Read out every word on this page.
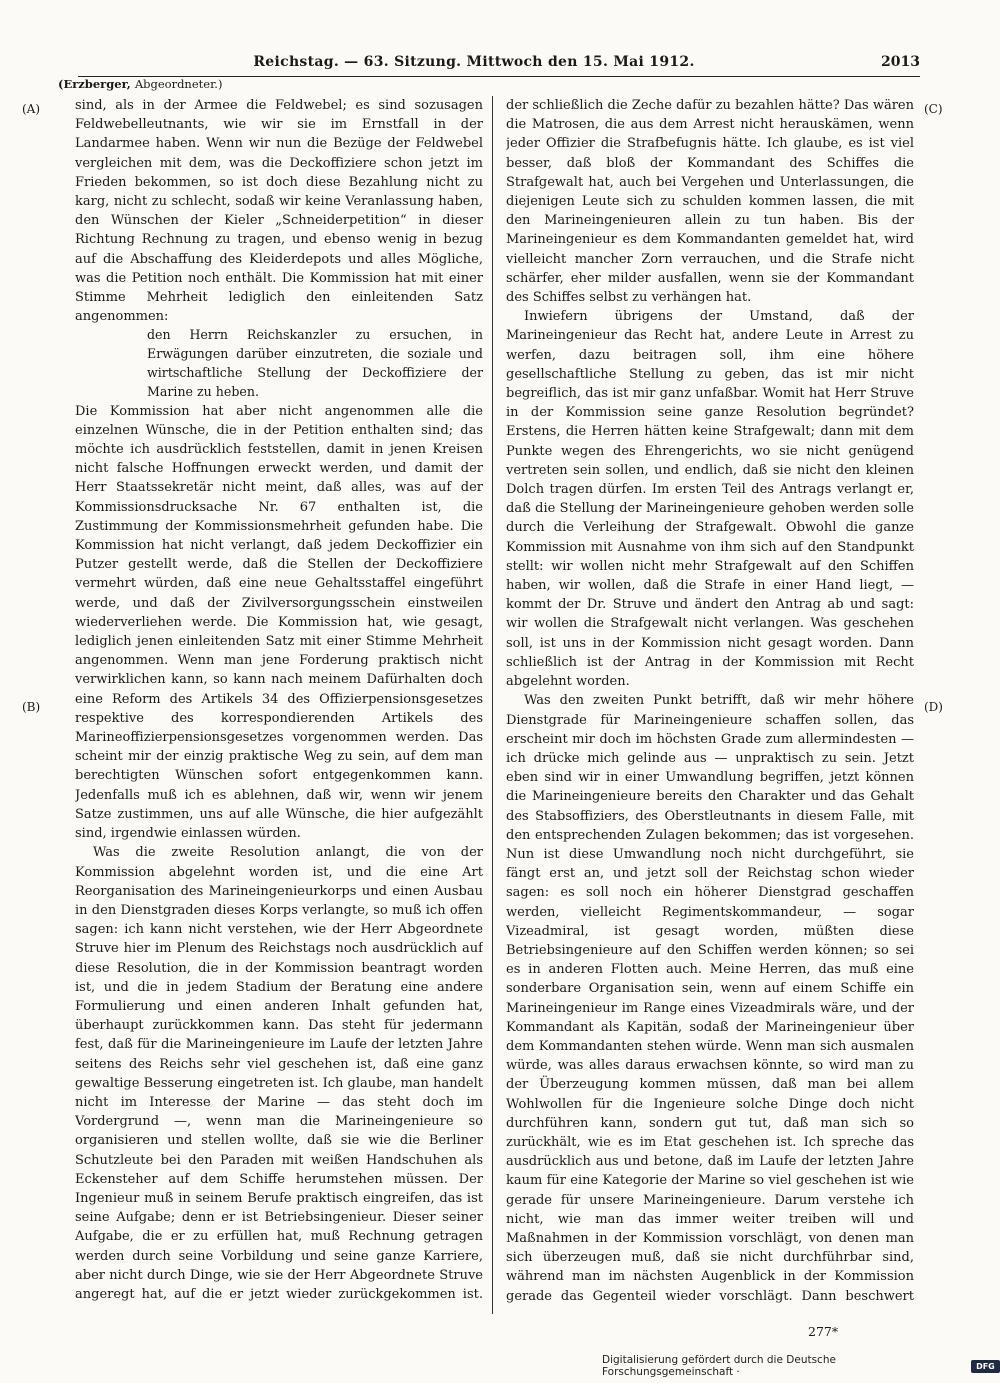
Reichstag. — 63. Sitzung. Mittwoch den 15. Mai 1912.	2013
(Erzberger, Abgeordneter.)
(A)
(B)
(C)
(D)

sind, als in der Armee die Feldwebel; es sind sozusagen Feldwebelleutnants, wie wir sie im Ernstfall in der Landarmee haben. Wenn wir nun die Bezüge der Feldwebel vergleichen mit dem, was die Deckoffiziere schon jetzt im Frieden bekommen, so ist doch diese Bezahlung nicht zu karg, nicht zu schlecht, sodaß wir keine Veranlassung haben, den Wünschen der Kieler „Schneiderpetition“ in dieser Richtung Rechnung zu tragen, und ebenso wenig in bezug auf die Abschaffung des Kleiderdepots und alles Mögliche, was die Petition noch enthält. Die Kommission hat mit einer Stimme Mehrheit lediglich den einleitenden Satz angenommen:

den Herrn Reichskanzler zu ersuchen, in Erwägungen darüber einzutreten, die soziale und wirtschaftliche Stellung der Deckoffiziere der Marine zu heben.

Die Kommission hat aber nicht angenommen alle die einzelnen Wünsche, die in der Petition enthalten sind; das möchte ich ausdrücklich feststellen, damit in jenen Kreisen nicht falsche Hoffnungen erweckt werden, und damit der Herr Staatssekretär nicht meint, daß alles, was auf der Kommissionsdrucksache Nr. 67 enthalten ist, die Zustimmung der Kommissionsmehrheit gefunden habe. Die Kommission hat nicht verlangt, daß jedem Deckoffizier ein Putzer gestellt werde, daß die Stellen der Deckoffiziere vermehrt würden, daß eine neue Gehaltsstaffel eingeführt werde, und daß der Zivilversorgungsschein einstweilen wiederverliehen werde. Die Kommission hat, wie gesagt, lediglich jenen einleitenden Satz mit einer Stimme Mehrheit angenommen. Wenn man jene Forderung praktisch nicht verwirklichen kann, so kann nach meinem Dafürhalten doch eine Reform des Artikels 34 des Offizierpensionsgesetzes respektive des korrespondierenden Artikels des Marineoffizierpensionsgesetzes vorgenommen werden. Das scheint mir der einzig praktische Weg zu sein, auf dem man berechtigten Wünschen sofort entgegenkommen kann. Jedenfalls muß ich es ablehnen, daß wir, wenn wir jenem Satze zustimmen, uns auf alle Wünsche, die hier aufgezählt sind, irgendwie einlassen würden.

Was die zweite Resolution anlangt, die von der Kommission abgelehnt worden ist, und die eine Art Reorganisation des Marineingenieurkorps und einen Ausbau in den Dienstgraden dieses Korps verlangte, so muß ich offen sagen: ich kann nicht verstehen, wie der Herr Abgeordnete Struve hier im Plenum des Reichstags noch ausdrücklich auf diese Resolution, die in der Kommission beantragt worden ist, und die in jedem Stadium der Beratung eine andere Formulierung und einen anderen Inhalt gefunden hat, überhaupt zurückkommen kann. Das steht für jedermann fest, daß für die Marineingenieure im Laufe der letzten Jahre seitens des Reichs sehr viel geschehen ist, daß eine ganz gewaltige Besserung eingetreten ist. Ich glaube, man handelt nicht im Interesse der Marine — das steht doch im Vordergrund —, wenn man die Marineingenieure so organisieren und stellen wollte, daß sie wie die Berliner Schutzleute bei den Paraden mit weißen Handschuhen als Eckensteher auf dem Schiffe herumstehen müssen. Der Ingenieur muß in seinem Berufe praktisch eingreifen, das ist seine Aufgabe; denn er ist Betriebsingenieur. Dieser seiner Aufgabe, die er zu erfüllen hat, muß Rechnung getragen werden durch seine Vorbildung und seine ganze Karriere, aber nicht durch Dinge, wie sie der Herr Abgeordnete Struve angeregt hat, auf die er jetzt wieder zurückgekommen ist.

der schließlich die Zeche dafür zu bezahlen hätte? Das wären die Matrosen, die aus dem Arrest nicht herauskämen, wenn jeder Offizier die Strafbefugnis hätte. Ich glaube, es ist viel besser, daß bloß der Kommandant des Schiffes die Strafgewalt hat, auch bei Vergehen und Unterlassungen, die diejenigen Leute sich zu schulden kommen lassen, die mit den Marineingenieuren allein zu tun haben. Bis der Marineingenieur es dem Kommandanten gemeldet hat, wird vielleicht mancher Zorn verrauchen, und die Strafe nicht schärfer, eher milder ausfallen, wenn sie der Kommandant des Schiffes selbst zu verhängen hat.

Inwiefern übrigens der Umstand, daß der Marineingenieur das Recht hat, andere Leute in Arrest zu werfen, dazu beitragen soll, ihm eine höhere gesellschaftliche Stellung zu geben, das ist mir nicht begreiflich, das ist mir ganz unfaßbar. Womit hat Herr Struve in der Kommission seine ganze Resolution begründet? Erstens, die Herren hätten keine Strafgewalt; dann mit dem Punkte wegen des Ehrengerichts, wo sie nicht genügend vertreten sein sollen, und endlich, daß sie nicht den kleinen Dolch tragen dürfen. Im ersten Teil des Antrags verlangt er, daß die Stellung der Marineingenieure gehoben werden solle durch die Verleihung der Strafgewalt. Obwohl die ganze Kommission mit Ausnahme von ihm sich auf den Standpunkt stellt: wir wollen nicht mehr Strafgewalt auf den Schiffen haben, wir wollen, daß die Strafe in einer Hand liegt, — kommt der Dr. Struve und ändert den Antrag ab und sagt: wir wollen die Strafgewalt nicht verlangen. Was geschehen soll, ist uns in der Kommission nicht gesagt worden. Dann schließlich ist der Antrag in der Kommission mit Recht abgelehnt worden.

Was den zweiten Punkt betrifft, daß wir mehr höhere Dienstgrade für Marineingenieure schaffen sollen, das erscheint mir doch im höchsten Grade zum allermindesten — ich drücke mich gelinde aus — unpraktisch zu sein. Jetzt eben sind wir in einer Umwandlung begriffen, jetzt können die Marineingenieure bereits den Charakter und das Gehalt des Stabsoffiziers, des Oberstleutnants in diesem Falle, mit den entsprechenden Zulagen bekommen; das ist vorgesehen. Nun ist diese Umwandlung noch nicht durchgeführt, sie fängt erst an, und jetzt soll der Reichstag schon wieder sagen: es soll noch ein höherer Dienstgrad geschaffen werden, vielleicht Regimentskommandeur, — sogar Vizeadmiral, ist gesagt worden, müßten diese Betriebsingenieure auf den Schiffen werden können; so sei es in anderen Flotten auch. Meine Herren, das muß eine sonderbare Organisation sein, wenn auf einem Schiffe ein Marineingenieur im Range eines Vizeadmirals wäre, und der Kommandant als Kapitän, sodaß der Marineingenieur über dem Kommandanten stehen würde. Wenn man sich ausmalen würde, was alles daraus erwachsen könnte, so wird man zu der Überzeugung kommen müssen, daß man bei allem Wohlwollen für die Ingenieure solche Dinge doch nicht durchführen kann, sondern gut tut, daß man sich so zurückhält, wie es im Etat geschehen ist. Ich spreche das ausdrücklich aus und betone, daß im Laufe der letzten Jahre kaum für eine Kategorie der Marine so viel geschehen ist wie gerade für unsere Marineingenieure. Darum verstehe ich nicht, wie man das immer weiter treiben will und Maßnahmen in der Kommission vorschlägt, von denen man sich überzeugen muß, daß sie nicht durchführbar sind, während man im nächsten Augenblick in der Kommission gerade das Gegenteil wieder vorschlägt. Dann beschwert

277*
Digitalisierung gefördert durch die Deutsche Forschungsgemeinschaft ·	DFG
